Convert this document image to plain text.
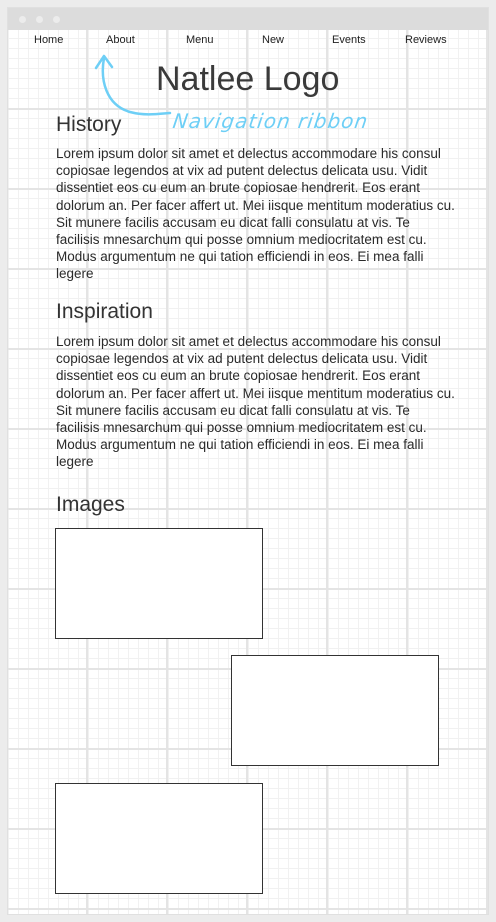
Home	About	Menu	New	Events	Reviews
Natlee Logo
Navigation ribbon
History

Lorem ipsum dolor sit amet et delectus accommodare his consul copiosae legendos at vix ad putent delectus delicata usu. Vidit dissentiet eos cu eum an brute copiosae hendrerit. Eos erant dolorum an. Per facer affert ut. Mei iisque mentitum moderatius cu. Sit munere facilis accusam eu dicat falli consulatu at vis. Te facilisis mnesarchum qui posse omnium mediocritatem est cu. Modus argumentum ne qui tation efficiendi in eos. Ei mea falli legere

Inspiration

Lorem ipsum dolor sit amet et delectus accommodare his consul copiosae legendos at vix ad putent delectus delicata usu. Vidit dissentiet eos cu eum an brute copiosae hendrerit. Eos erant dolorum an. Per facer affert ut. Mei iisque mentitum moderatius cu. Sit munere facilis accusam eu dicat falli consulatu at vis. Te facilisis mnesarchum qui posse omnium mediocritatem est cu. Modus argumentum ne qui tation efficiendi in eos. Ei mea falli legere

Images
